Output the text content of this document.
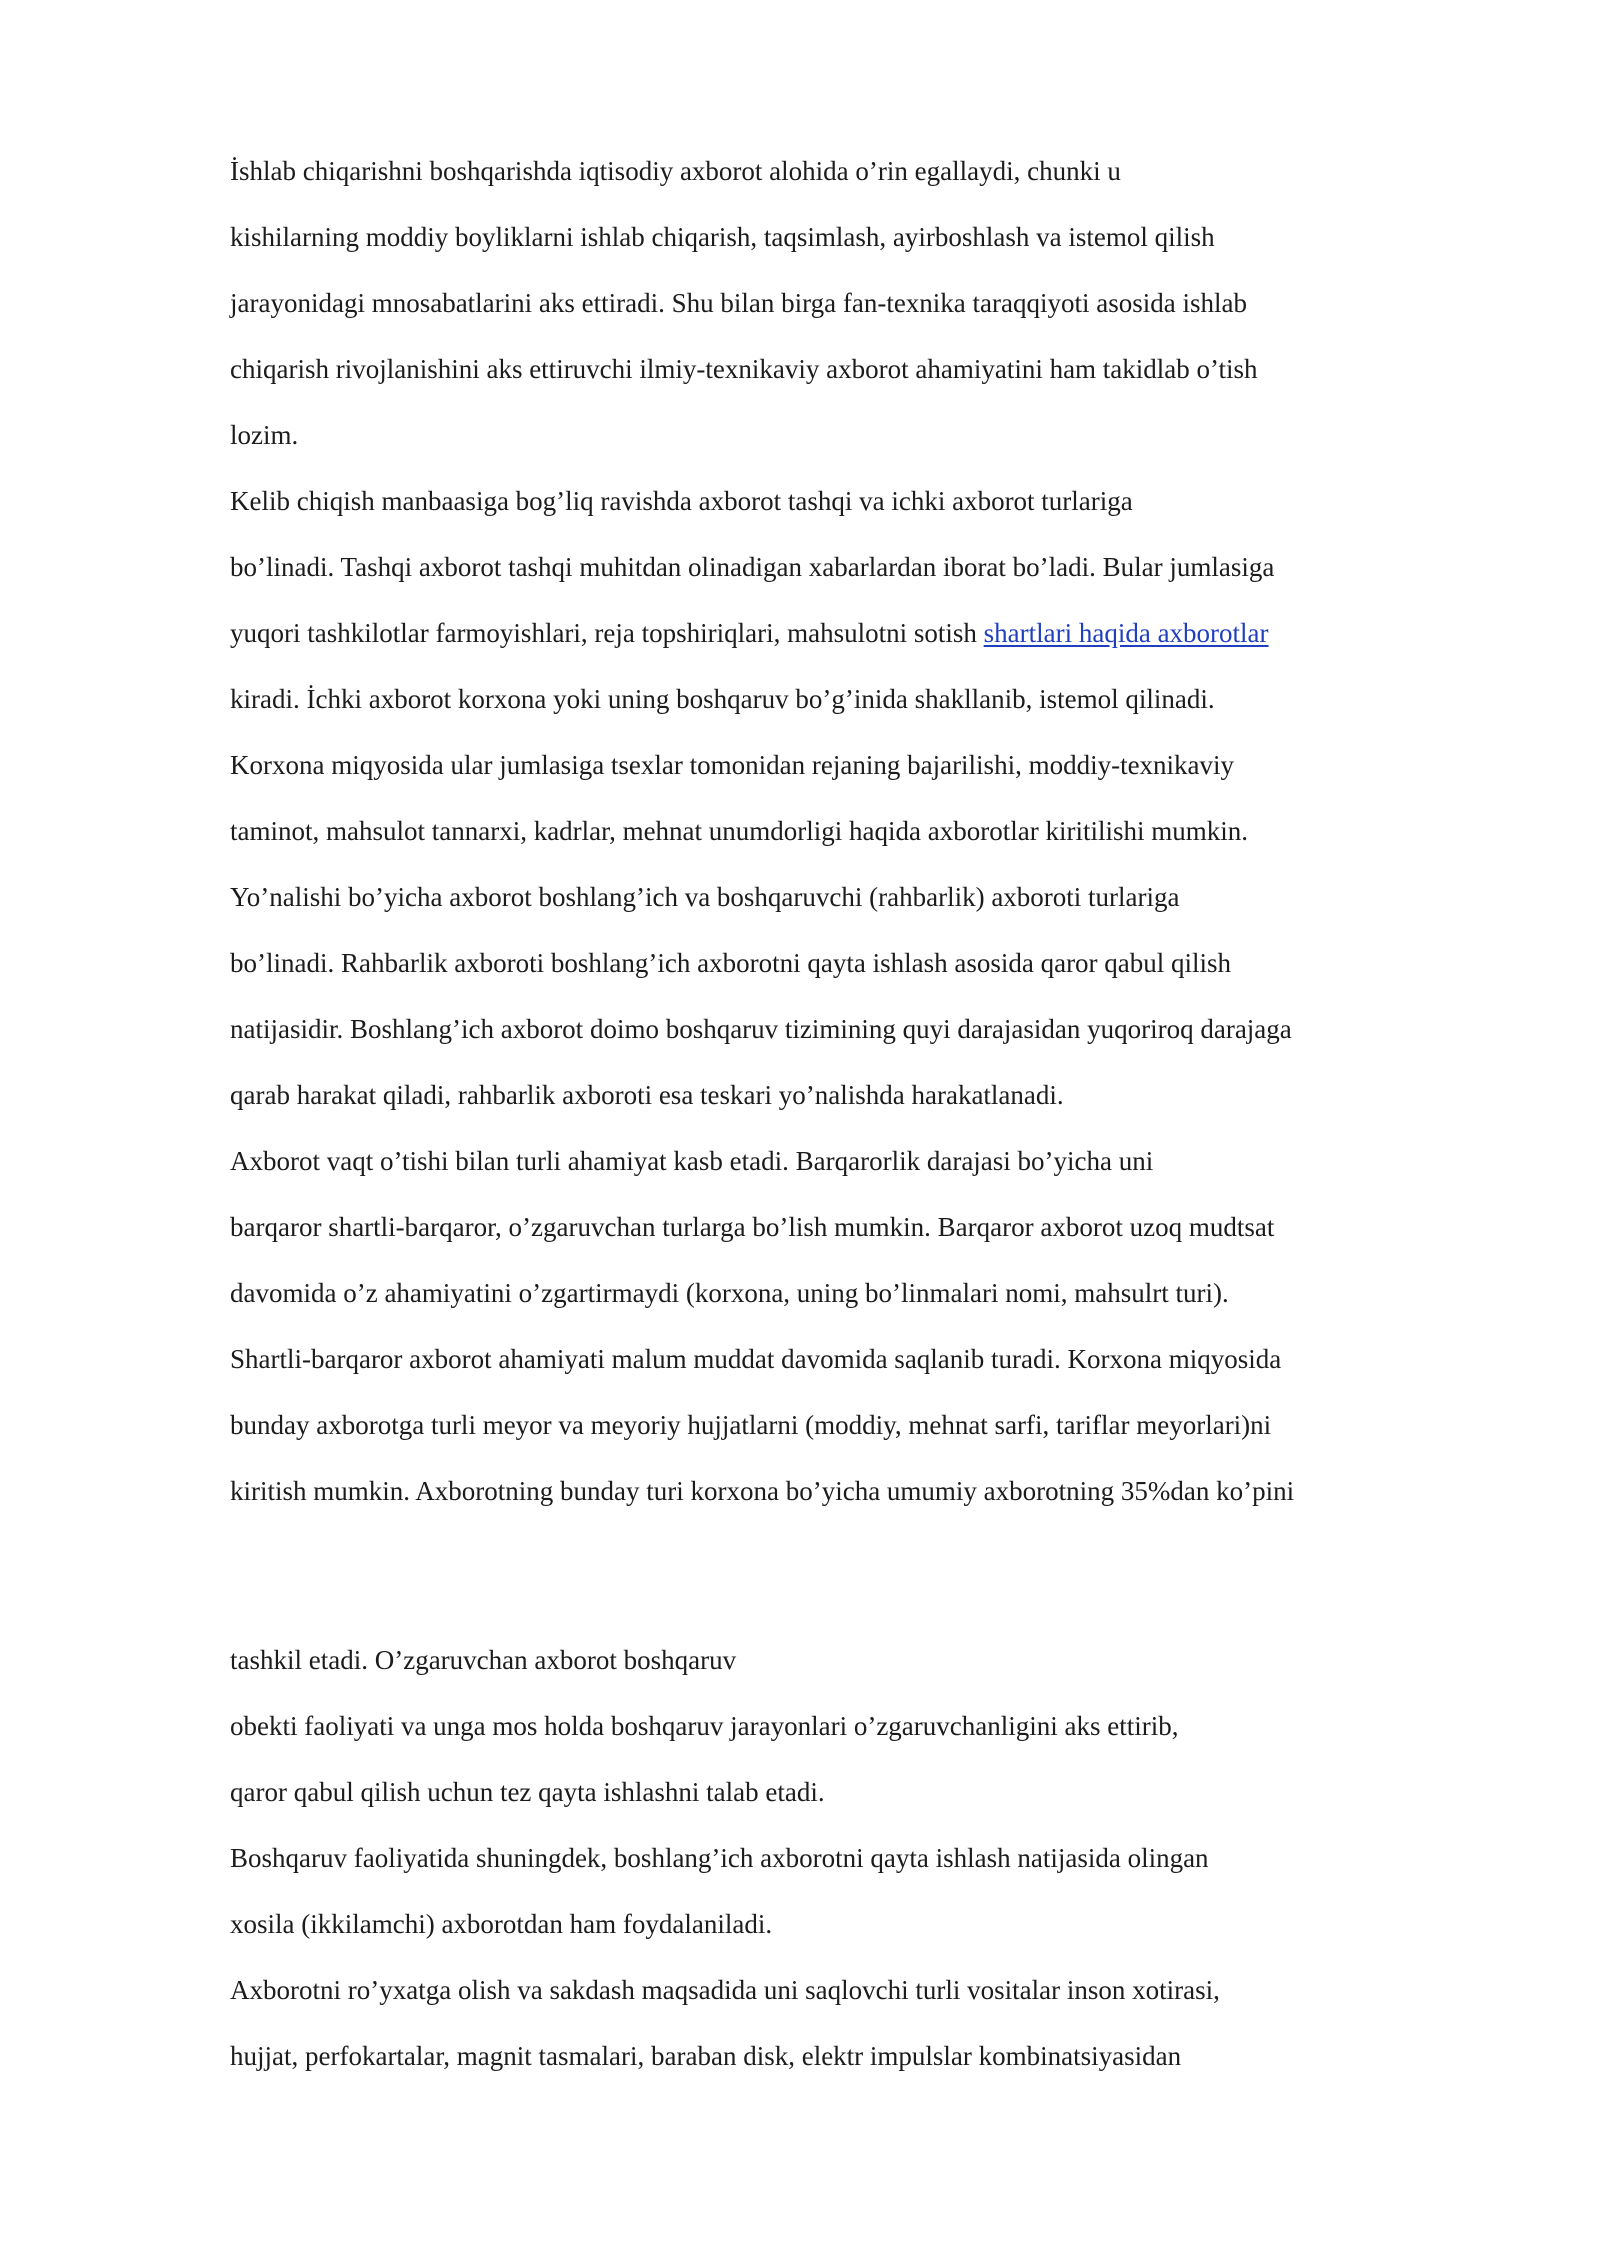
İshlab chiqarishni boshqarishda iqtisodiy axborot alohida o’rin egallaydi, chunki u
kishilarning moddiy boyliklarni ishlab chiqarish, taqsimlash, ayirboshlash va istemol qilish
jarayonidagi mnosabatlarini aks ettiradi. Shu bilan birga fan-texnika taraqqiyoti asosida ishlab
chiqarish rivojlanishini aks ettiruvchi ilmiy-texnikaviy axborot ahamiyatini ham takidlab o’tish
lozim.
Kelib chiqish manbaasiga bog’liq ravishda axborot tashqi va ichki axborot turlariga
bo’linadi. Tashqi axborot tashqi muhitdan olinadigan xabarlardan iborat bo’ladi. Bular jumlasiga
yuqori tashkilotlar farmoyishlari, reja topshiriqlari, mahsulotni sotish shartlari haqida axborotlar
kiradi. İchki axborot korxona yoki uning boshqaruv bo’g’inida shakllanib, istemol qilinadi.
Korxona miqyosida ular jumlasiga tsexlar tomonidan rejaning bajarilishi, moddiy-texnikaviy
taminot, mahsulot tannarxi, kadrlar, mehnat unumdorligi haqida axborotlar kiritilishi mumkin.
Yo’nalishi bo’yicha axborot boshlang’ich va boshqaruvchi (rahbarlik) axboroti turlariga
bo’linadi. Rahbarlik axboroti boshlang’ich axborotni qayta ishlash asosida qaror qabul qilish
natijasidir. Boshlang’ich axborot doimo boshqaruv tizimining quyi darajasidan yuqoriroq darajaga
qarab harakat qiladi, rahbarlik axboroti esa teskari yo’nalishda harakatlanadi.
Axborot vaqt o’tishi bilan turli ahamiyat kasb etadi. Barqarorlik darajasi bo’yicha uni
barqaror shartli-barqaror, o’zgaruvchan turlarga bo’lish mumkin. Barqaror axborot uzoq mudtsat
davomida o’z ahamiyatini o’zgartirmaydi (korxona, uning bo’linmalari nomi, mahsulrt turi).
Shartli-barqaror axborot ahamiyati malum muddat davomida saqlanib turadi. Korxona miqyosida
bunday axborotga turli meyor va meyoriy hujjatlarni (moddiy, mehnat sarfi, tariflar meyorlari)ni
kiritish mumkin. Axborotning bunday turi korxona bo’yicha umumiy axborotning 35%dan ko’pini
tashkil etadi. O’zgaruvchan axborot boshqaruv
obekti faoliyati va unga mos holda boshqaruv jarayonlari o’zgaruvchanligini aks ettirib,
qaror qabul qilish uchun tez qayta ishlashni talab etadi.
Boshqaruv faoliyatida shuningdek, boshlang’ich axborotni qayta ishlash natijasida olingan
xosila (ikkilamchi) axborotdan ham foydalaniladi.
Axborotni ro’yxatga olish va sakdash maqsadida uni saqlovchi turli vositalar inson xotirasi,
hujjat, perfokartalar, magnit tasmalari, baraban disk, elektr impulslar kombinatsiyasidan
